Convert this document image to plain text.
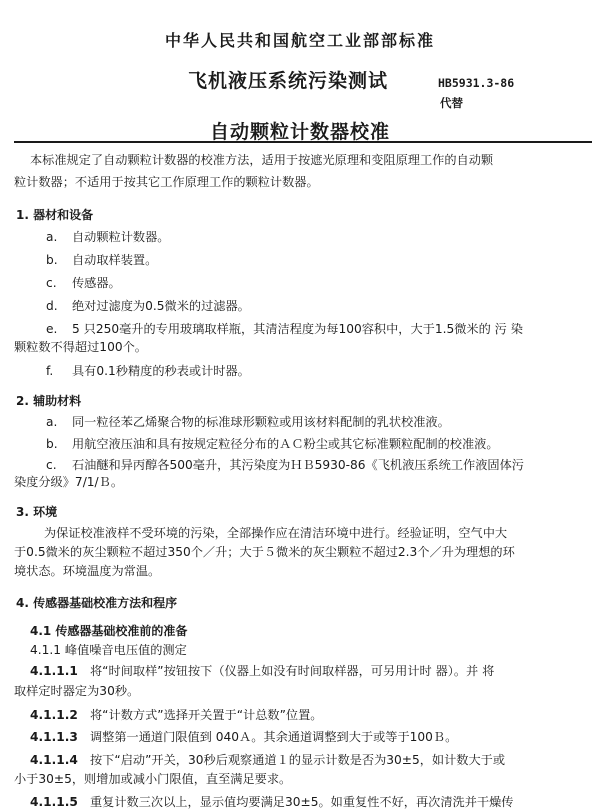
中华人民共和国航空工业部部标准
飞机液压系统污染测试	HB5931.3-86
代替
自动颗粒计数器校准
本标准规定了自动颗粒计数器的校准方法，适用于按遮光原理和变阻原理工作的自动颗
粒计数器；不适用于按其它工作原理工作的颗粒计数器。
1. 器材和设备
a. 自动颗粒计数器。
b. 自动取样装置。
c. 传感器。
d. 绝对过滤度为0.5微米的过滤器。
e. 5 只250毫升的专用玻璃取样瓶，其清洁程度为每100容积中，大于1.5微米的 污 染
颗粒数不得超过100个。
f. 具有0.1秒精度的秒表或计时器。
2. 辅助材料
a. 同一粒径苯乙烯聚合物的标准球形颗粒或用该材料配制的乳状校准液。
b. 用航空液压油和具有按规定粒径分布的ＡＣ粉尘或其它标准颗粒配制的校准液。
c. 石油醚和异丙醇各500毫升，其污染度为ＨＢ5930-86《飞机液压系统工作液固体污
染度分级》7/1/Ｂ。
3. 环境
为保证校准液样不受环境的污染，全部操作应在清洁环境中进行。经验证明，空气中大
于0.5微米的灰尘颗粒不超过350个／升；大于５微米的灰尘颗粒不超过2.3个／升为理想的环
境状态。环境温度为常温。
4. 传感器基础校准方法和程序
4.1 传感器基础校准前的准备
4.1.1 峰值噪音电压值的测定
4.1.1.1 将“时间取样”按钮按下（仪器上如没有时间取样器，可另用计时 器）。并 将
取样定时器定为30秒。
4.1.1.2 将“计数方式”选择开关置于“计总数”位置。
4.1.1.3 调整第一通道门限值到 040Ａ。其余通道调整到大于或等于100Ｂ。
4.1.1.4 按下“启动”开关，30秒后观察通道１的显示计数是否为30±5，如计数大于或
小于30±5，则增加或减小门限值，直至满足要求。
4.1.1.5 重复计数三次以上，显示值均要满足30±5。如重复性不好，再次清洗并干燥传
